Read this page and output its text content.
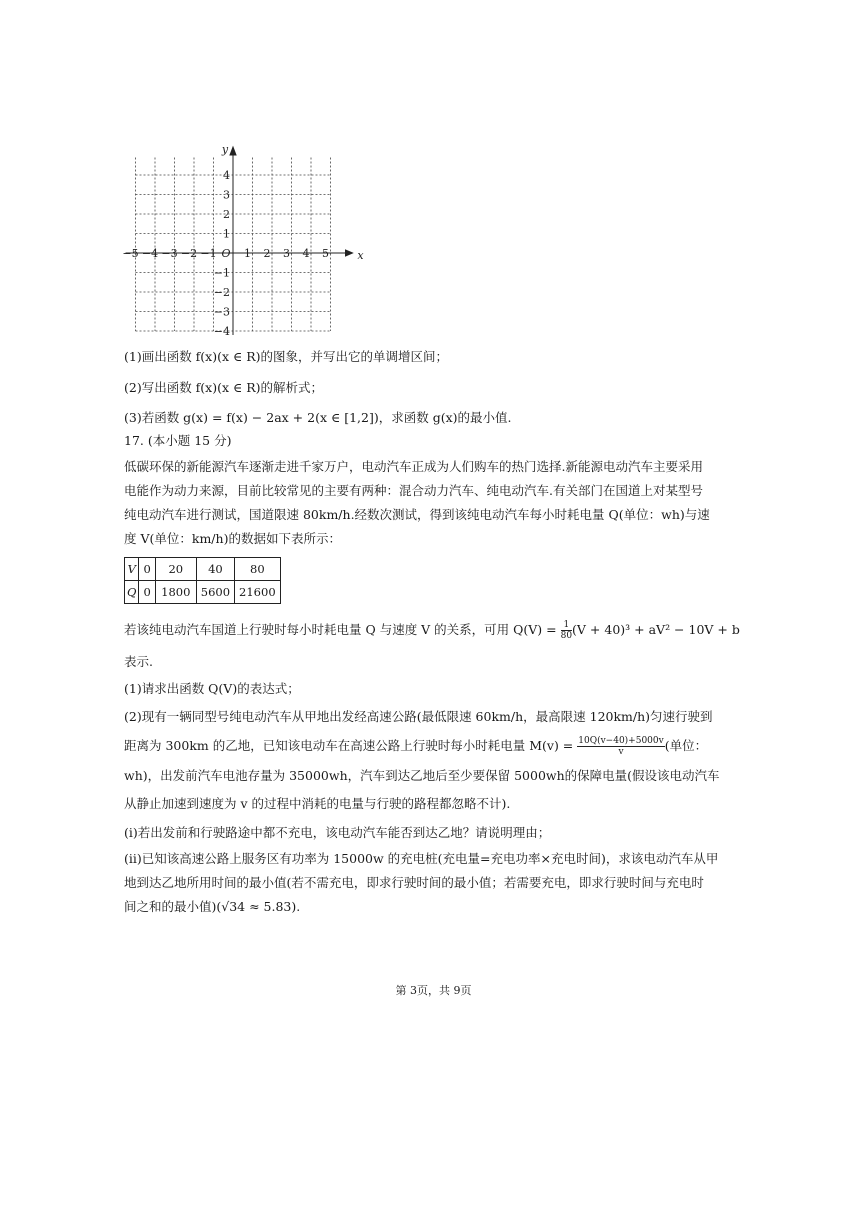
−5 −4 −3 −2 −1 1 2 3 4 5
4
3
2
1
−1
−2
−3
−4
O	x
y
(1)画出函数 f(x)(x ∈ R)的图象，并写出它的单调增区间；
(2)写出函数 f(x)(x ∈ R)的解析式；
(3)若函数 g(x) = f(x) − 2ax + 2(x ∈ [1,2])，求函数 g(x)的最小值.
17. (本小题 15 分)
低碳环保的新能源汽车逐渐走进千家万户，电动汽车正成为人们购车的热门选择.新能源电动汽车主要采用
电能作为动力来源，目前比较常见的主要有两种：混合动力汽车、纯电动汽车.有关部门在国道上对某型号
纯电动汽车进行测试，国道限速 80km/h.经数次测试，得到该纯电动汽车每小时耗电量 Q(单位：wh)与速
度 V(单位：km/h)的数据如下表所示：
V	0	20	40	80
Q	0	1800	5600	21600
若该纯电动汽车国道上行驶时每小时耗电量 Q 与速度 V 的关系，可用 $Q(V) = \frac{1}{80} (V + 40)^3 + aV^2 - 10V + b$
表示.
(1)请求出函数 Q(V)的表达式；
(2)现有一辆同型号纯电动汽车从甲地出发经高速公路(最低限速 60km/h，最高限速 120km/h)匀速行驶到
距离为 300km 的乙地，已知该电动车在高速公路上行驶时每小时耗电量 $M(v) = \frac{10Q(v-40)+5000v}{v}$ (单位：
wh)，出发前汽车电池存量为 35000wh，汽车到达乙地后至少要保留 5000wh的保障电量(假设该电动汽车
从静止加速到速度为 v 的过程中消耗的电量与行驶的路程都忽略不计).
(i)若出发前和行驶路途中都不充电，该电动汽车能否到达乙地？请说明理由；
(ii)已知该高速公路上服务区有功率为 15000w 的充电桩(充电量=充电功率×充电时间)，求该电动汽车从甲
地到达乙地所用时间的最小值(若不需充电，即求行驶时间的最小值；若需要充电，即求行驶时间与充电时
间之和的最小值)(√34 ≈ 5.83).
第 3页，共 9页
